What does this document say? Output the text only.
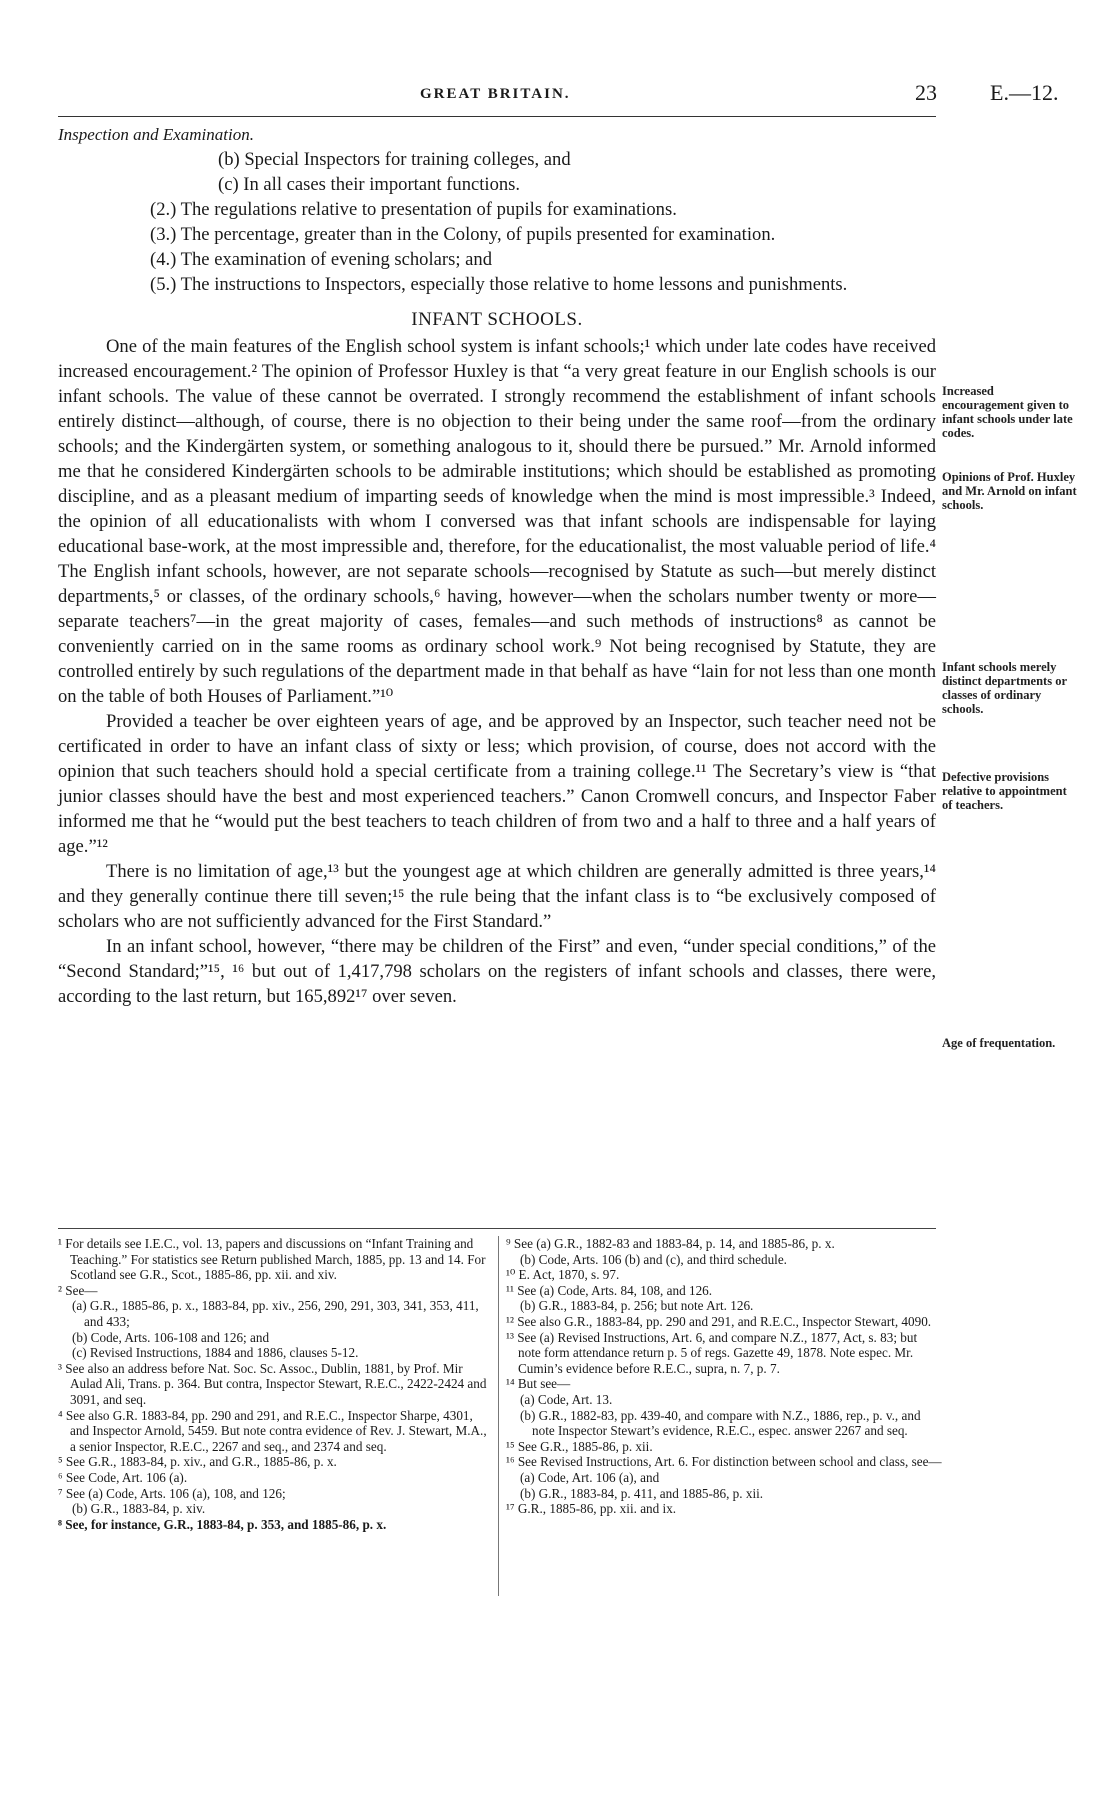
GREAT BRITAIN.	23 E.—12.

Inspection and Examination.

(b) Special Inspectors for training colleges, and

(c) In all cases their important functions.

(2.) The regulations relative to presentation of pupils for examinations.

(3.) The percentage, greater than in the Colony, of pupils presented for examination.

(4.) The examination of evening scholars; and

(5.) The instructions to Inspectors, especially those relative to home lessons and punishments.

INFANT SCHOOLS.

One of the main features of the English school system is infant schools;¹ which under late codes have received increased encouragement.² The opinion of Professor Huxley is that “a very great feature in our English schools is our infant schools. The value of these cannot be overrated. I strongly recommend the establishment of infant schools entirely distinct—although, of course, there is no objection to their being under the same roof—from the ordinary schools; and the Kindergärten system, or something analogous to it, should there be pursued.” Mr. Arnold informed me that he considered Kindergärten schools to be admirable institutions; which should be established as promoting discipline, and as a pleasant medium of imparting seeds of knowledge when the mind is most impressible.³ Indeed, the opinion of all educationalists with whom I conversed was that infant schools are indispensable for laying educational base-work, at the most impressible and, therefore, for the educationalist, the most valuable period of life.⁴ The English infant schools, however, are not separate schools—recognised by Statute as such—but merely distinct departments,⁵ or classes, of the ordinary schools,⁶ having, however—when the scholars number twenty or more—separate teachers⁷—in the great majority of cases, females—and such methods of instructions⁸ as cannot be conveniently carried on in the same rooms as ordinary school work.⁹ Not being recognised by Statute, they are controlled entirely by such regulations of the department made in that behalf as have “lain for not less than one month on the table of both Houses of Parliament.”¹⁰

Provided a teacher be over eighteen years of age, and be approved by an Inspector, such teacher need not be certificated in order to have an infant class of sixty or less; which provision, of course, does not accord with the opinion that such teachers should hold a special certificate from a training college.¹¹ The Secretary’s view is “that junior classes should have the best and most experienced teachers.” Canon Cromwell concurs, and Inspector Faber informed me that he “would put the best teachers to teach children of from two and a half to three and a half years of age.”¹²

There is no limitation of age,¹³ but the youngest age at which children are generally admitted is three years,¹⁴ and they generally continue there till seven;¹⁵ the rule being that the infant class is to “be exclusively composed of scholars who are not sufficiently advanced for the First Standard.”

In an infant school, however, “there may be children of the First” and even, “under special conditions,” of the “Second Standard;”¹⁵, ¹⁶ but out of 1,417,798 scholars on the registers of infant schools and classes, there were, according to the last return, but 165,892¹⁷ over seven.

Increased encouragement given to infant schools under late codes.
Opinions of Prof. Huxley and Mr. Arnold on infant schools.
Infant schools merely distinct departments or classes of ordinary schools.
Defective provisions relative to appointment of teachers.
Age of frequentation.

¹ For details see I.E.C., vol. 13, papers and discussions on “Infant Training and Teaching.” For statistics see Return published March, 1885, pp. 13 and 14. For Scotland see G.R., Scot., 1885-86, pp. xii. and xiv.

² See—

(a) G.R., 1885-86, p. x., 1883-84, pp. xiv., 256, 290, 291, 303, 341, 353, 411, and 433;

(b) Code, Arts. 106-108 and 126; and

(c) Revised Instructions, 1884 and 1886, clauses 5-12.

³ See also an address before Nat. Soc. Sc. Assoc., Dublin, 1881, by Prof. Mir Aulad Ali, Trans. p. 364. But contra, Inspector Stewart, R.E.C., 2422-2424 and 3091, and seq.

⁴ See also G.R. 1883-84, pp. 290 and 291, and R.E.C., Inspector Sharpe, 4301, and Inspector Arnold, 5459. But note contra evidence of Rev. J. Stewart, M.A., a senior Inspector, R.E.C., 2267 and seq., and 2374 and seq.

⁵ See G.R., 1883-84, p. xiv., and G.R., 1885-86, p. x.

⁶ See Code, Art. 106 (a).

⁷ See (a) Code, Arts. 106 (a), 108, and 126;

(b) G.R., 1883-84, p. xiv.

⁸ See, for instance, G.R., 1883-84, p. 353, and 1885-86, p. x.

⁹ See (a) G.R., 1882-83 and 1883-84, p. 14, and 1885-86, p. x.

(b) Code, Arts. 106 (b) and (c), and third schedule.

¹⁰ E. Act, 1870, s. 97.

¹¹ See (a) Code, Arts. 84, 108, and 126.

(b) G.R., 1883-84, p. 256; but note Art. 126.

¹² See also G.R., 1883-84, pp. 290 and 291, and R.E.C., Inspector Stewart, 4090.

¹³ See (a) Revised Instructions, Art. 6, and compare N.Z., 1877, Act, s. 83; but note form attendance return p. 5 of regs. Gazette 49, 1878. Note espec. Mr. Cumin’s evidence before R.E.C., supra, n. 7, p. 7.

¹⁴ But see—

(a) Code, Art. 13.

(b) G.R., 1882-83, pp. 439-40, and compare with N.Z., 1886, rep., p. v., and note Inspector Stewart’s evidence, R.E.C., espec. answer 2267 and seq.

¹⁵ See G.R., 1885-86, p. xii.

¹⁶ See Revised Instructions, Art. 6. For distinction between school and class, see—

(a) Code, Art. 106 (a), and

(b) G.R., 1883-84, p. 411, and 1885-86, p. xii.

¹⁷ G.R., 1885-86, pp. xii. and ix.
